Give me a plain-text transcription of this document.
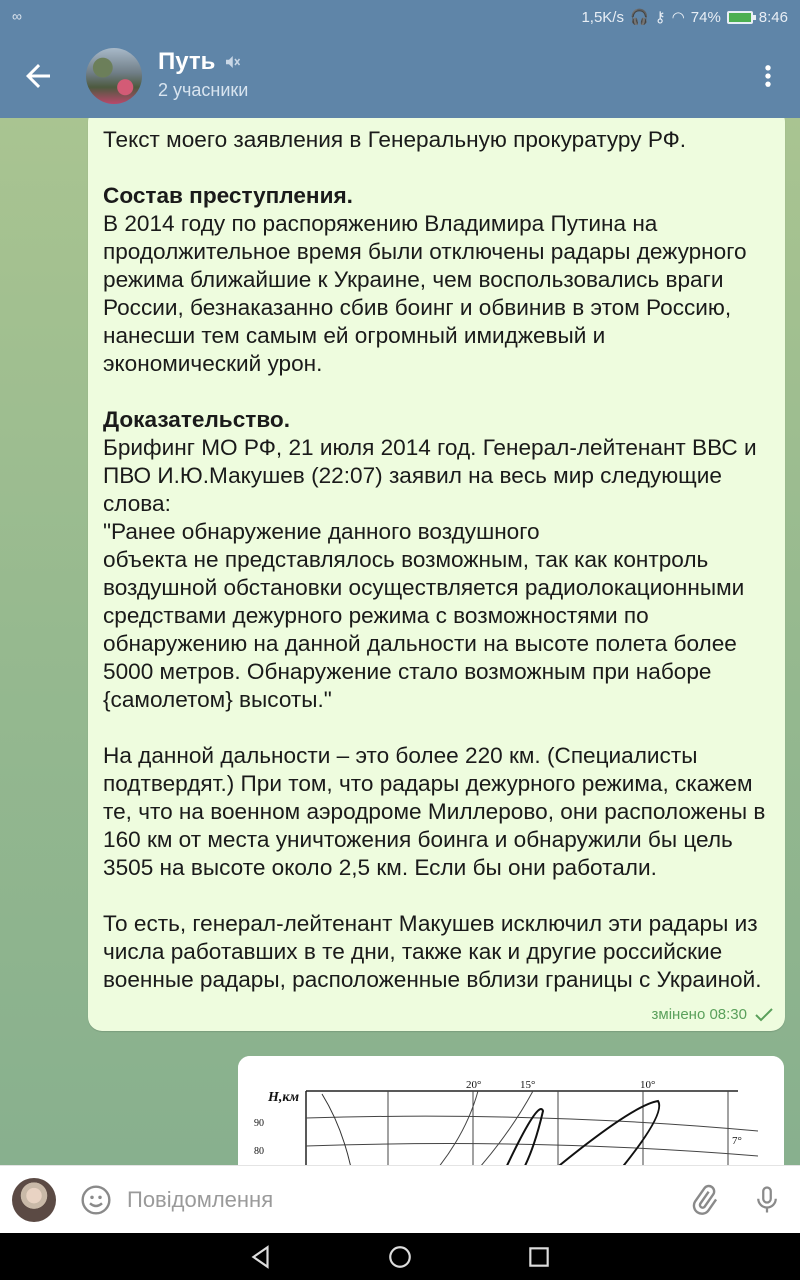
∞	1,5K/s 🎧 ⚷ ◠ 74%	8:46
Путь
2 учасники
Текст моего заявления в Генеральную прокуратуру РФ.

Состав преступления.
В 2014 году по распоряжению Владимира Путина на продолжительное время были отключены радары дежурного режима ближайшие к Украине, чем воспользовались враги России, безнаказанно сбив боинг и обвинив в этом Россию, нанесши тем самым ей огромный имиджевый и экономический урон.

Доказательство.
Брифинг МО РФ, 21 июля 2014 год. Генерал-лейтенант ВВС и ПВО И.Ю.Макушев (22:07) заявил на весь мир следующие слова:
"Ранее обнаружение данного воздушного
объекта не представлялось возможным, так как контроль воздушной обстановки осуществляется радиолокационными средствами дежурного режима с возможностями по обнаружению на данной дальности на высоте полета более 5000 метров. Обнаружение стало возможным при наборе {самолетом} высоты."

На данной дальности – это более 220 км. (Специалисты подтвердят.) При том, что радары дежурного режима, скажем те, что на военном аэродроме Миллерово, они расположены в 160 км от места уничтожения боинга и обнаружили бы цель 3505 на высоте около 2,5 км. Если бы они работали.

То есть, генерал-лейтенант Макушев исключил эти радары из числа работавших в те дни, также как и другие российские военные радары, расположенные вблизи границы с Украиной.
змінено 08:30
H,км
90
80
20°	15°	10°
7°
Повідомлення
